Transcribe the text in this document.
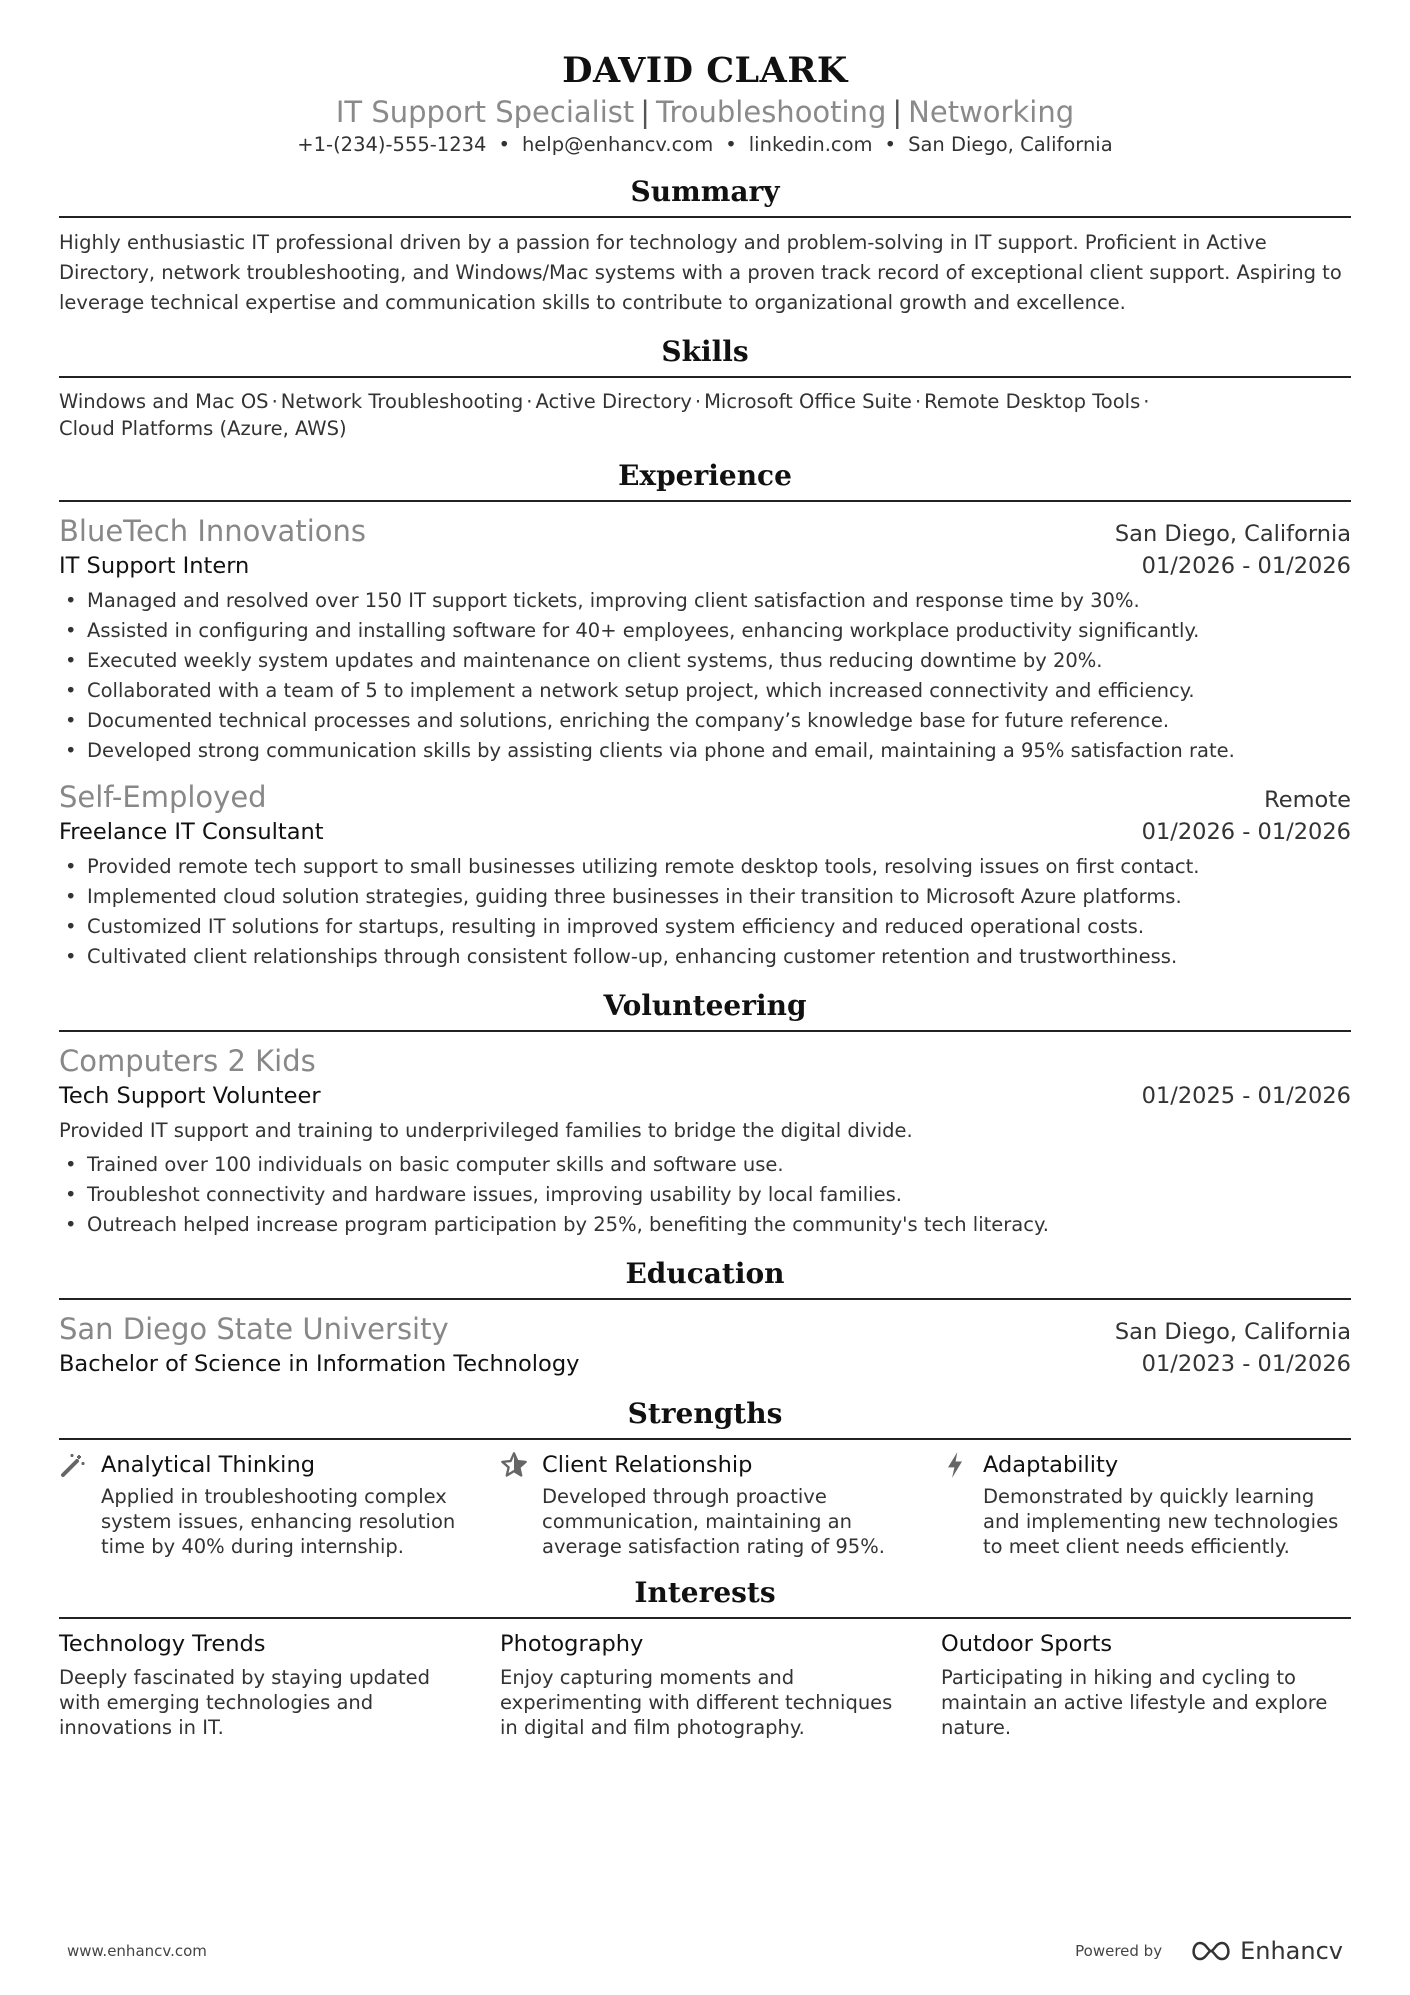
DAVID CLARK
IT Support Specialist | Troubleshooting | Networking
+1-(234)-555-1234 • help@enhancv.com • linkedin.com • San Diego, California
Summary

Highly enthusiastic IT professional driven by a passion for technology and problem-solving in IT support. Proficient in Active Directory, network troubleshooting, and Windows/Mac systems with a proven track record of exceptional client support. Aspiring to leverage technical expertise and communication skills to contribute to organizational growth and excellence.

Skills
Windows and Mac OS · Network Troubleshooting · Active Directory · Microsoft Office Suite · Remote Desktop Tools ·
Cloud Platforms (Azure, AWS)
Experience
BlueTech Innovations	San Diego, California
IT Support Intern	01/2026 - 01/2026
• Managed and resolved over 150 IT support tickets, improving client satisfaction and response time by 30%.
• Assisted in configuring and installing software for 40+ employees, enhancing workplace productivity significantly.
• Executed weekly system updates and maintenance on client systems, thus reducing downtime by 20%.
• Collaborated with a team of 5 to implement a network setup project, which increased connectivity and efficiency.
• Documented technical processes and solutions, enriching the company’s knowledge base for future reference.
• Developed strong communication skills by assisting clients via phone and email, maintaining a 95% satisfaction rate.
Self-Employed	Remote
Freelance IT Consultant	01/2026 - 01/2026
• Provided remote tech support to small businesses utilizing remote desktop tools, resolving issues on first contact.
• Implemented cloud solution strategies, guiding three businesses in their transition to Microsoft Azure platforms.
• Customized IT solutions for startups, resulting in improved system efficiency and reduced operational costs.
• Cultivated client relationships through consistent follow-up, enhancing customer retention and trustworthiness.
Volunteering
Computers 2 Kids
Tech Support Volunteer	01/2025 - 01/2026
Provided IT support and training to underprivileged families to bridge the digital divide.
• Trained over 100 individuals on basic computer skills and software use.
• Troubleshot connectivity and hardware issues, improving usability by local families.
• Outreach helped increase program participation by 25%, benefiting the community's tech literacy.
Education
San Diego State University	San Diego, California
Bachelor of Science in Information Technology	01/2023 - 01/2026
Strengths
Analytical Thinking
Applied in troubleshooting complex system issues, enhancing resolution time by 40% during internship.
Client Relationship
Developed through proactive communication, maintaining an average satisfaction rating of 95%.
Adaptability
Demonstrated by quickly learning and implementing new technologies to meet client needs efficiently.
Interests
Technology Trends
Deeply fascinated by staying updated with emerging technologies and innovations in IT.
Photography
Enjoy capturing moments and experimenting with different techniques in digital and film photography.
Outdoor Sports
Participating in hiking and cycling to maintain an active lifestyle and explore nature.
www.enhancv.com	Powered by	Enhancv
